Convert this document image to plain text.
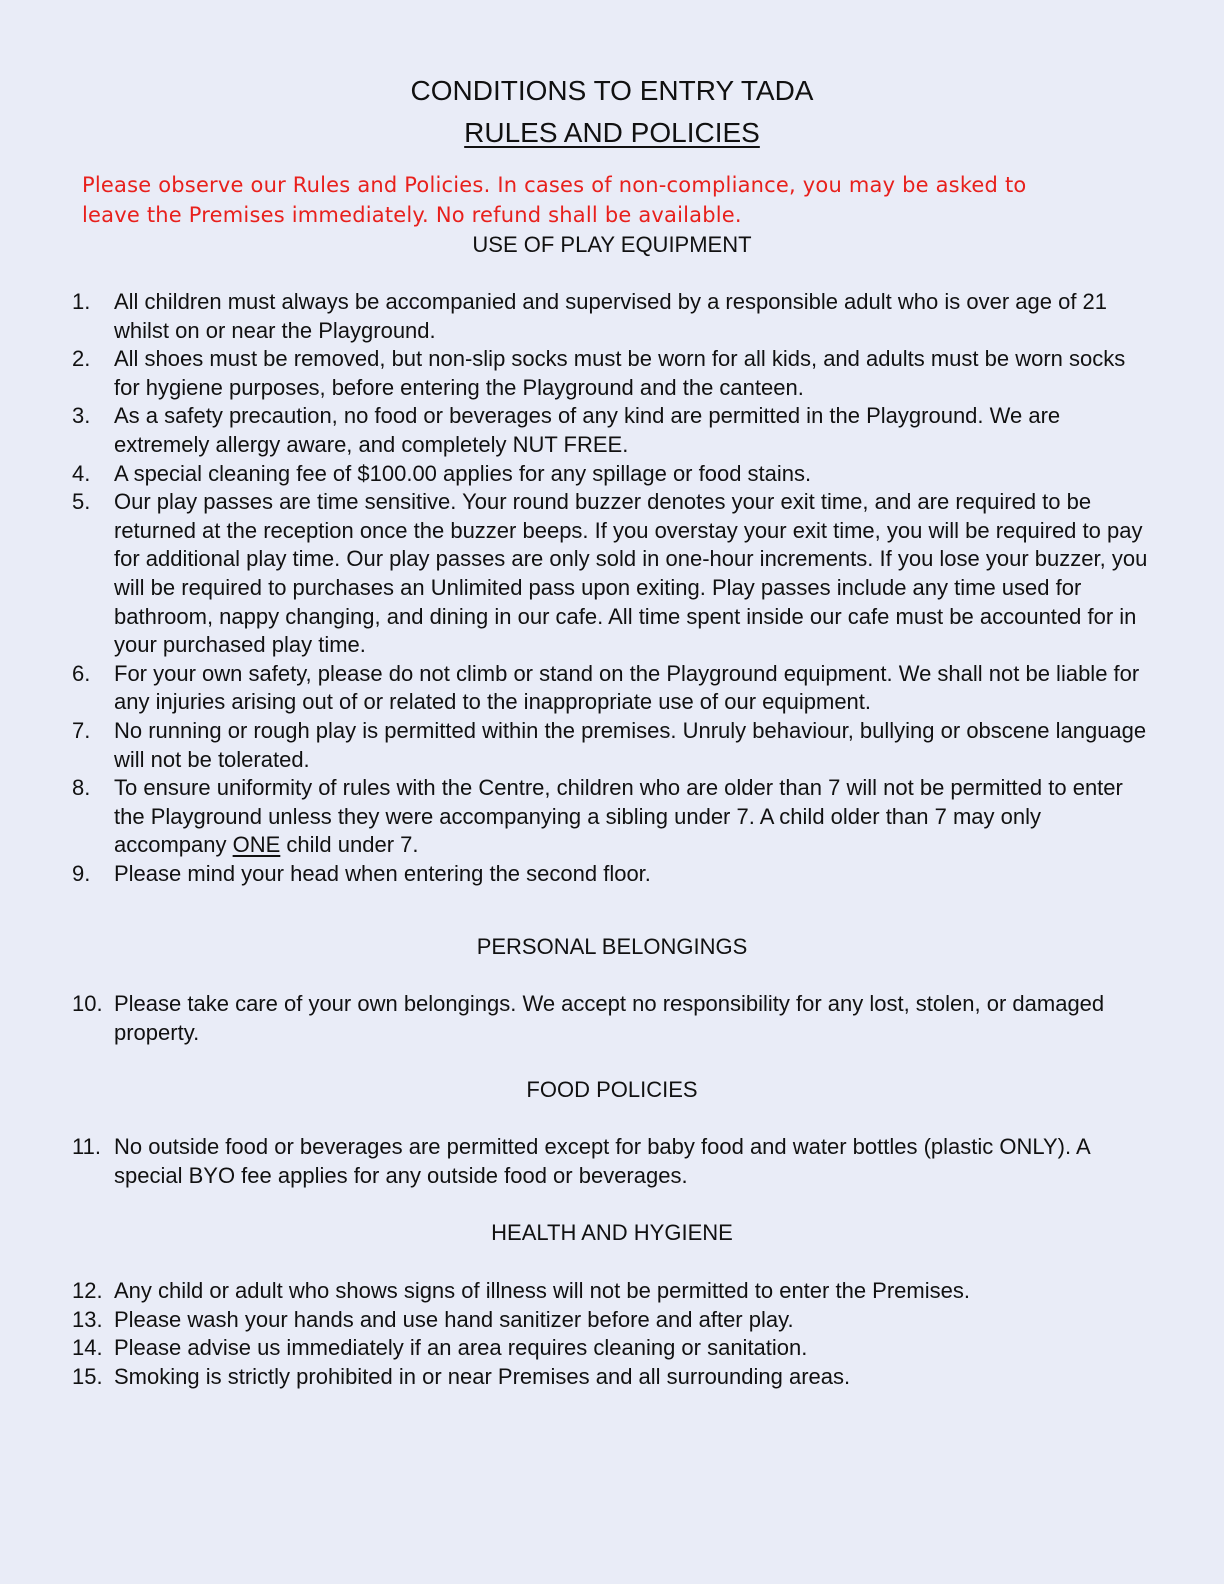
CONDITIONS TO ENTRY TADA
RULES AND POLICIES
Please observe our Rules and Policies. In cases of non-compliance, you may be asked to
leave the Premises immediately. No refund shall be available.
USE OF PLAY EQUIPMENT
1. All children must always be accompanied and supervised by a responsible adult who is over age of 21 whilst on or near the Playground.
2. All shoes must be removed, but non-slip socks must be worn for all kids, and adults must be worn socks for hygiene purposes, before entering the Playground and the canteen.
3. As a safety precaution, no food or beverages of any kind are permitted in the Playground. We are extremely allergy aware, and completely NUT FREE.
4. A special cleaning fee of $100.00 applies for any spillage or food stains.
5. Our play passes are time sensitive. Your round buzzer denotes your exit time, and are required to be returned at the reception once the buzzer beeps. If you overstay your exit time, you will be required to pay for additional play time. Our play passes are only sold in one-hour increments. If you lose your buzzer, you will be required to purchases an Unlimited pass upon exiting. Play passes include any time used for bathroom, nappy changing, and dining in our cafe. All time spent inside our cafe must be accounted for in your purchased play time.
6. For your own safety, please do not climb or stand on the Playground equipment. We shall not be liable for any injuries arising out of or related to the inappropriate use of our equipment.
7. No running or rough play is permitted within the premises. Unruly behaviour, bullying or obscene language will not be tolerated.
8. To ensure uniformity of rules with the Centre, children who are older than 7 will not be permitted to enter the Playground unless they were accompanying a sibling under 7. A child older than 7 may only accompany ONE child under 7.
9. Please mind your head when entering the second floor.
PERSONAL BELONGINGS
10. Please take care of your own belongings. We accept no responsibility for any lost, stolen, or damaged property.
FOOD POLICIES
11. No outside food or beverages are permitted except for baby food and water bottles (plastic ONLY). A special BYO fee applies for any outside food or beverages.
HEALTH AND HYGIENE
12. Any child or adult who shows signs of illness will not be permitted to enter the Premises.
13. Please wash your hands and use hand sanitizer before and after play.
14. Please advise us immediately if an area requires cleaning or sanitation.
15. Smoking is strictly prohibited in or near Premises and all surrounding areas.
